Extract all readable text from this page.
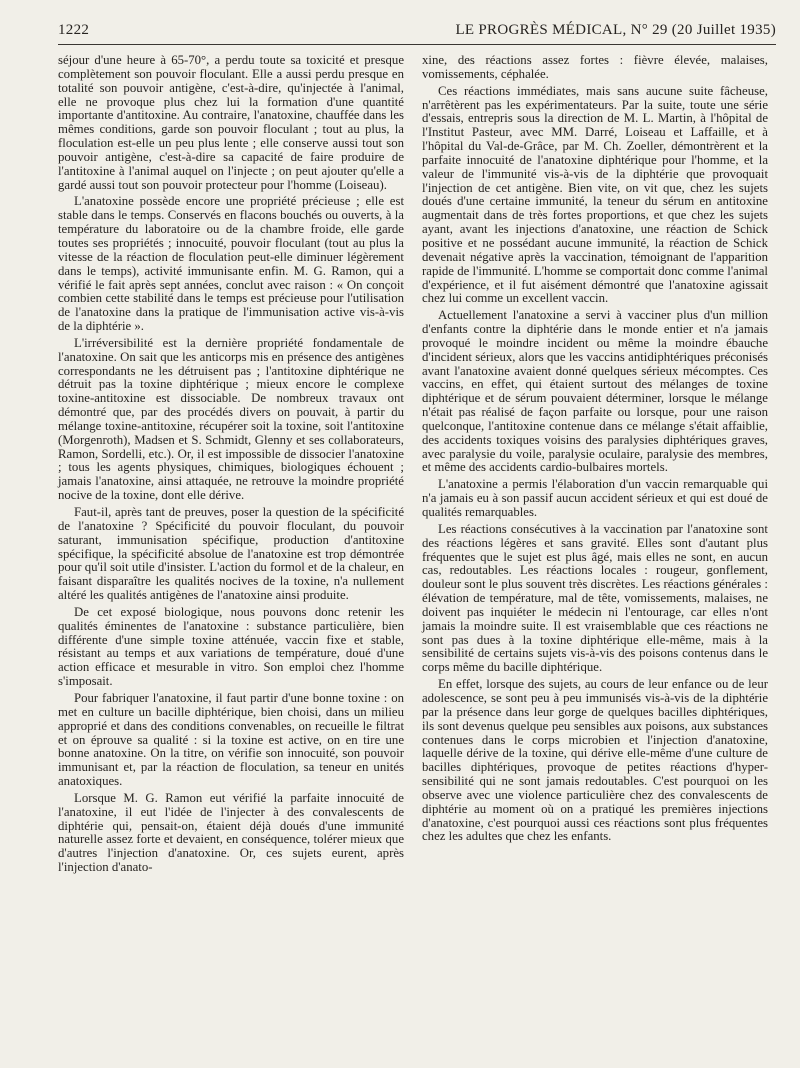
1222	LE PROGRÈS MÉDICAL, N° 29 (20 Juillet 1935)

séjour d'une heure à 65-70°, a perdu toute sa toxicité et presque complètement son pouvoir floculant. Elle a aussi perdu presque en totalité son pouvoir antigène, c'est-à-dire, qu'injectée à l'animal, elle ne provoque plus chez lui la formation d'une quantité importante d'antitoxine. Au contraire, l'anatoxine, chauffée dans les mêmes conditions, garde son pouvoir floculant ; tout au plus, la floculation est-elle un peu plus lente ; elle conserve aussi tout son pouvoir antigène, c'est-à-dire sa capacité de faire produire de l'antitoxine à l'animal auquel on l'injecte ; on peut ajouter qu'elle a gardé aussi tout son pouvoir protecteur pour l'homme (Loiseau).

L'anatoxine possède encore une propriété précieuse ; elle est stable dans le temps. Conservés en flacons bouchés ou ouverts, à la température du laboratoire ou de la chambre froide, elle garde toutes ses propriétés ; innocuité, pouvoir floculant (tout au plus la vitesse de la réaction de floculation peut-elle diminuer légèrement dans le temps), activité immunisante enfin. M. G. Ramon, qui a vérifié le fait après sept années, conclut avec raison : « On conçoit combien cette stabilité dans le temps est précieuse pour l'utilisation de l'anatoxine dans la pratique de l'immunisation active vis-à-vis de la diphtérie ».

L'irréversibilité est la dernière propriété fondamentale de l'anatoxine. On sait que les anticorps mis en présence des antigènes correspondants ne les détruisent pas ; l'antitoxine diphtérique ne détruit pas la toxine diphtérique ; mieux encore le complexe toxine-antitoxine est dissociable. De nombreux travaux ont démontré que, par des procédés divers on pouvait, à partir du mélange toxine-antitoxine, récupérer soit la toxine, soit l'antitoxine (Morgenroth), Madsen et S. Schmidt, Glenny et ses collaborateurs, Ramon, Sordelli, etc.). Or, il est impossible de dissocier l'anatoxine ; tous les agents physiques, chimiques, biologiques échouent ; jamais l'anatoxine, ainsi attaquée, ne retrouve la moindre propriété nocive de la toxine, dont elle dérive.

Faut-il, après tant de preuves, poser la question de la spécificité de l'anatoxine ? Spécificité du pouvoir floculant, du pouvoir saturant, immunisation spécifique, production d'antitoxine spécifique, la spécificité absolue de l'anatoxine est trop démontrée pour qu'il soit utile d'insister. L'action du formol et de la chaleur, en faisant disparaître les qualités nocives de la toxine, n'a nullement altéré les qualités antigènes de l'anatoxine ainsi produite.

De cet exposé biologique, nous pouvons donc retenir les qualités éminentes de l'anatoxine : substance particulière, bien différente d'une simple toxine atténuée, vaccin fixe et stable, résistant au temps et aux variations de température, doué d'une action efficace et mesurable in vitro. Son emploi chez l'homme s'imposait.

Pour fabriquer l'anatoxine, il faut partir d'une bonne toxine : on met en culture un bacille diphtérique, bien choisi, dans un milieu approprié et dans des conditions convenables, on recueille le filtrat et on éprouve sa qualité : si la toxine est active, on en tire une bonne anatoxine. On la titre, on vérifie son innocuité, son pouvoir immunisant et, par la réaction de floculation, sa teneur en unités anatoxiques.

Lorsque M. G. Ramon eut vérifié la parfaite innocuité de l'anatoxine, il eut l'idée de l'injecter à des convalescents de diphtérie qui, pensait-on, étaient déjà doués d'une immunité naturelle assez forte et devaient, en conséquence, tolérer mieux que d'autres l'injection d'anatoxine. Or, ces sujets eurent, après l'injection d'anato-

xine, des réactions assez fortes : fièvre élevée, malaises, vomissements, céphalée.

Ces réactions immédiates, mais sans aucune suite fâcheuse, n'arrêtèrent pas les expérimentateurs. Par la suite, toute une série d'essais, entrepris sous la direction de M. L. Martin, à l'hôpital de l'Institut Pasteur, avec MM. Darré, Loiseau et Laffaille, et à l'hôpital du Val-de-Grâce, par M. Ch. Zoeller, démontrèrent et la parfaite innocuité de l'anatoxine diphtérique pour l'homme, et la valeur de l'immunité vis-à-vis de la diphtérie que provoquait l'injection de cet antigène. Bien vite, on vit que, chez les sujets doués d'une certaine immunité, la teneur du sérum en antitoxine augmentait dans de très fortes proportions, et que chez les sujets ayant, avant les injections d'anatoxine, une réaction de Schick positive et ne possédant aucune immunité, la réaction de Schick devenait négative après la vaccination, témoignant de l'apparition rapide de l'immunité. L'homme se comportait donc comme l'animal d'expérience, et il fut aisément démontré que l'anatoxine agissait chez lui comme un excellent vaccin.

Actuellement l'anatoxine a servi à vacciner plus d'un million d'enfants contre la diphtérie dans le monde entier et n'a jamais provoqué le moindre incident ou même la moindre ébauche d'incident sérieux, alors que les vaccins antidiphtériques préconisés avant l'anatoxine avaient donné quelques sérieux mécomptes. Ces vaccins, en effet, qui étaient surtout des mélanges de toxine diphtérique et de sérum pouvaient déterminer, lorsque le mélange n'était pas réalisé de façon parfaite ou lorsque, pour une raison quelconque, l'antitoxine contenue dans ce mélange s'était affaiblie, des accidents toxiques voisins des paralysies diphtériques graves, avec paralysie du voile, paralysie oculaire, paralysie des membres, et même des accidents cardio-bulbaires mortels.

L'anatoxine a permis l'élaboration d'un vaccin remarquable qui n'a jamais eu à son passif aucun accident sérieux et qui est doué de qualités remarquables.

Les réactions consécutives à la vaccination par l'anatoxine sont des réactions légères et sans gravité. Elles sont d'autant plus fréquentes que le sujet est plus âgé, mais elles ne sont, en aucun cas, redoutables. Les réactions locales : rougeur, gonflement, douleur sont le plus souvent très discrètes. Les réactions générales : élévation de température, mal de tête, vomissements, malaises, ne doivent pas inquiéter le médecin ni l'entourage, car elles n'ont jamais la moindre suite. Il est vraisemblable que ces réactions ne sont pas dues à la toxine diphtérique elle-même, mais à la sensibilité de certains sujets vis-à-vis des poisons contenus dans le corps même du bacille diphtérique.

En effet, lorsque des sujets, au cours de leur enfance ou de leur adolescence, se sont peu à peu immunisés vis-à-vis de la diphtérie par la présence dans leur gorge de quelques bacilles diphtériques, ils sont devenus quelque peu sensibles aux poisons, aux substances contenues dans le corps microbien et l'injection d'anatoxine, laquelle dérive de la toxine, qui dérive elle-même d'une culture de bacilles diphtériques, provoque de petites réactions d'hyper-sensibilité qui ne sont jamais redoutables. C'est pourquoi on les observe avec une violence particulière chez des convalescents de diphtérie au moment où on a pratiqué les premières injections d'anatoxine, c'est pourquoi aussi ces réactions sont plus fréquentes chez les adultes que chez les enfants.
